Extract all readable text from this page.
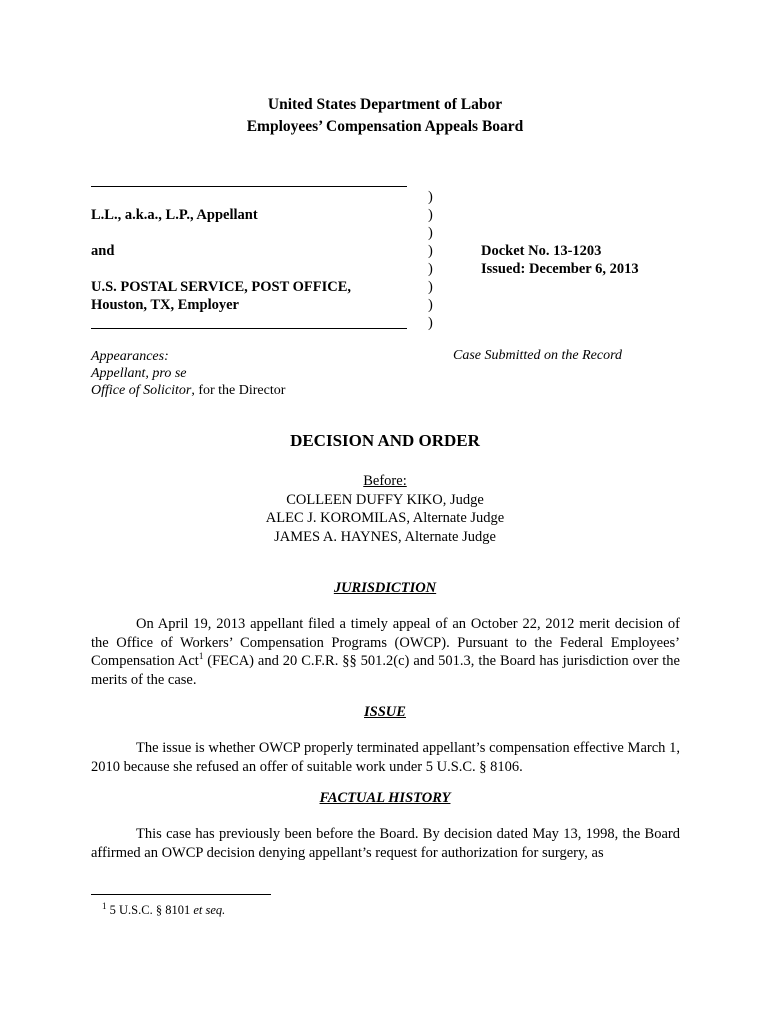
United States Department of Labor
Employees’ Compensation Appeals Board
)
)
)
)
)
)
)
)
L.L., a.k.a., L.P., Appellant
and
U.S. POSTAL SERVICE, POST OFFICE,
Houston, TX, Employer
Docket No. 13-1203
Issued: December 6, 2013
Appearances:
Appellant, pro se
Office of Solicitor, for the Director
Case Submitted on the Record
DECISION AND ORDER
Before:
COLLEEN DUFFY KIKO, Judge
ALEC J. KOROMILAS, Alternate Judge
JAMES A. HAYNES, Alternate Judge
JURISDICTION
On April 19, 2013 appellant filed a timely appeal of an October 22, 2012 merit decision of the Office of Workers’ Compensation Programs (OWCP). Pursuant to the Federal Employees’ Compensation Act$^1$ (FECA) and 20 C.F.R. §§ 501.2(c) and 501.3, the Board has jurisdiction over the merits of the case.
ISSUE
The issue is whether OWCP properly terminated appellant’s compensation effective March 1, 2010 because she refused an offer of suitable work under 5 U.S.C. § 8106.
FACTUAL HISTORY
This case has previously been before the Board. By decision dated May 13, 1998, the Board affirmed an OWCP decision denying appellant’s request for authorization for surgery, as
$^1$ 5 U.S.C. § 8101 et seq.
